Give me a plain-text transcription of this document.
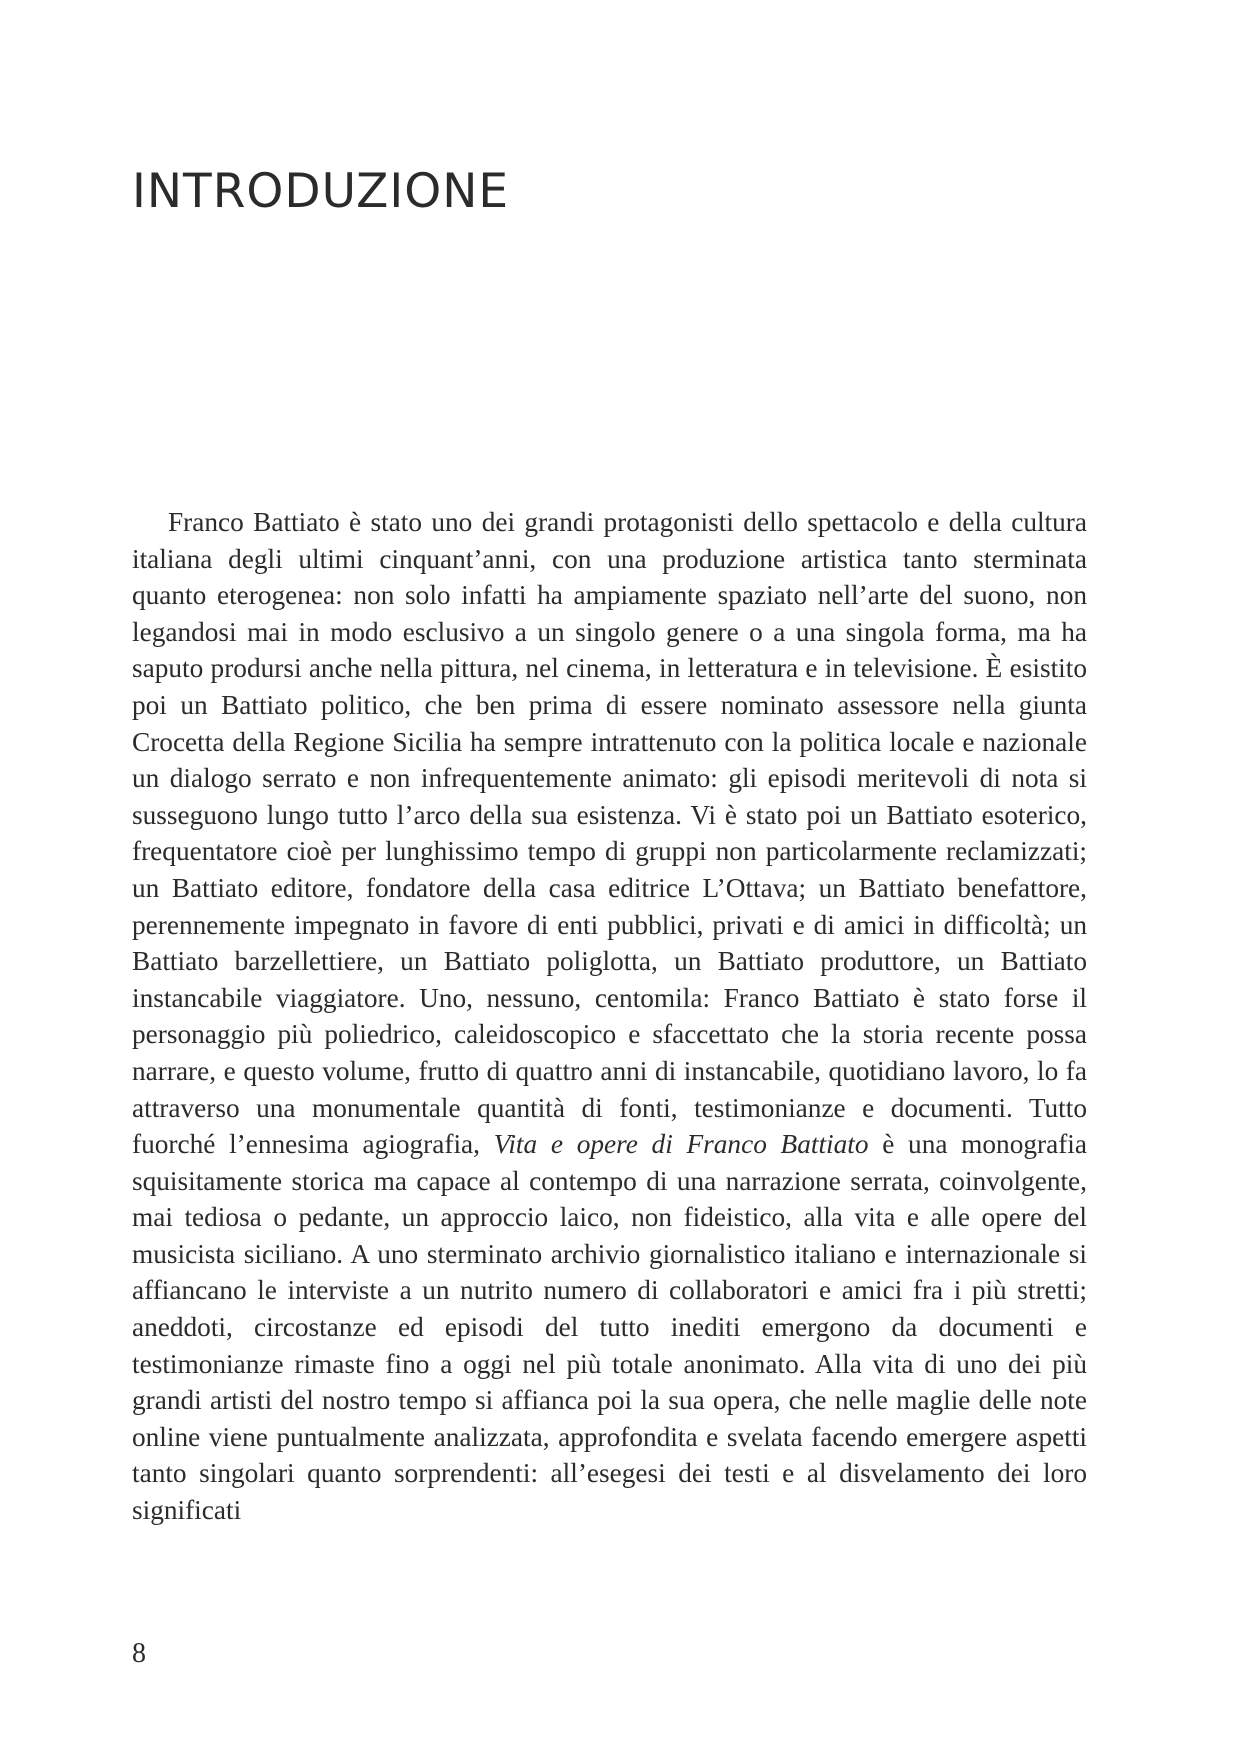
INTRODUZIONE

Franco Battiato è stato uno dei grandi protagonisti dello spettacolo e della cultura italiana degli ultimi cinquant’anni, con una produzione artistica tanto sterminata quanto eterogenea: non solo infatti ha ampiamente spaziato nell’arte del suono, non legandosi mai in modo esclusivo a un singolo genere o a una singola forma, ma ha saputo prodursi anche nella pittura, nel cinema, in letteratura e in televisione. È esistito poi un Battiato politico, che ben prima di essere nominato assessore nella giunta Crocetta della Regione Sicilia ha sempre intrattenuto con la politica locale e nazionale un dialogo serrato e non infrequentemente animato: gli episodi meritevoli di nota si susseguono lungo tutto l’arco della sua esistenza. Vi è stato poi un Battiato esoterico, frequentatore cioè per lunghissimo tempo di gruppi non particolarmente reclamizzati; un Battiato editore, fondatore della casa editrice L’Ottava; un Battiato benefattore, perennemente impegnato in favore di enti pubblici, privati e di amici in difficoltà; un Battiato barzellettiere, un Battiato poliglotta, un Battiato produttore, un Battiato instancabile viaggiatore. Uno, nessuno, centomila: Franco Battiato è stato forse il personaggio più poliedrico, caleidoscopico e sfaccettato che la storia recente possa narrare, e questo volume, frutto di quattro anni di instancabile, quotidiano lavoro, lo fa attraverso una monumentale quantità di fonti, testimonianze e documenti. Tutto fuorché l’ennesima agiografia, Vita e opere di Franco Battiato è una monografia squisitamente storica ma capace al contempo di una narrazione serrata, coinvolgente, mai tediosa o pedante, un approccio laico, non fideistico, alla vita e alle opere del musicista siciliano. A uno sterminato archivio giornalistico italiano e internazionale si affiancano le interviste a un nutrito numero di collaboratori e amici fra i più stretti; aneddoti, circostanze ed episodi del tutto inediti emergono da documenti e testimonianze rimaste fino a oggi nel più totale anonimato. Alla vita di uno dei più grandi artisti del nostro tempo si affianca poi la sua opera, che nelle maglie delle note online viene puntualmente analizzata, approfondita e svelata facendo emergere aspetti tanto singolari quanto sorprendenti: all’esegesi dei testi e al disvelamento dei loro significati

8
